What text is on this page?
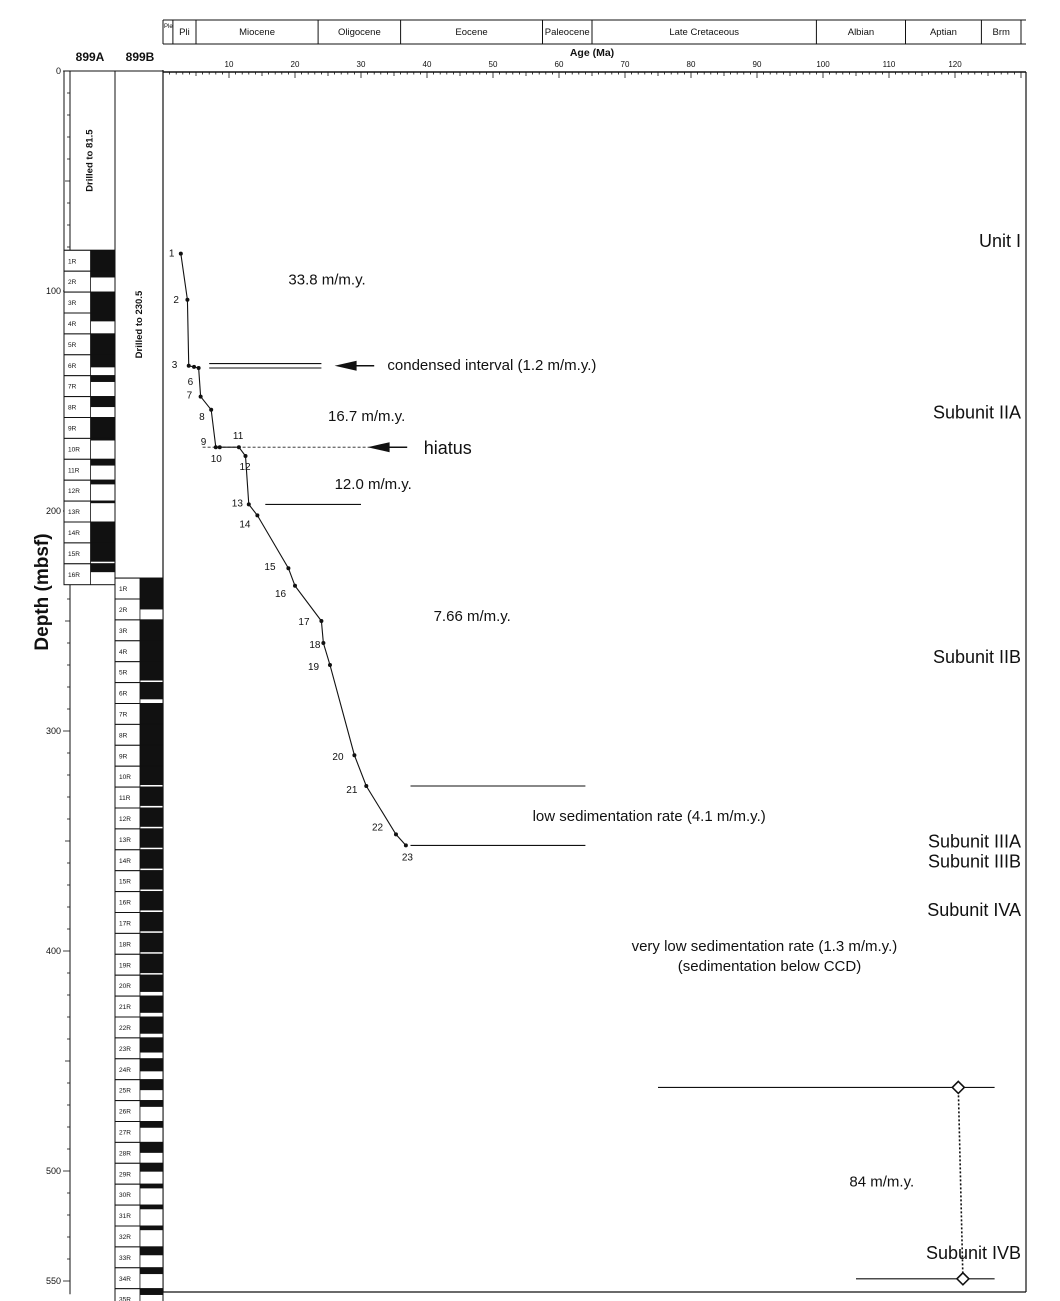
10	20	30	40	50	60	70	80	90	100	110	120
Age (Ma)
0
100
200
300
400
500
550
Depth (mbsf)
899A
Drilled to 81.5
1R
2R
3R
4R
5R
6R
7R
8R
9R
10R
11R
12R
13R
14R
15R
16R
899B
Drilled to 230.5
1R
2R
3R
4R
5R
6R
7R
8R
9R
10R
11R
12R
13R
14R
15R
16R
17R
18R
19R
20R
21R
22R
23R
24R
25R
26R
27R
28R
29R
30R
31R
32R
33R
34R
35R
Ple Pli	Miocene	Oligocene	Eocene	Paleocene	Late Cretaceous	Albian	Aptian	Brm
1
2
3
6
7
8
9
10
11
12
13
14
15
16
17
18
19
20
21
22
23
33.8 m/m.y.
condensed interval (1.2 m/m.y.)
16.7 m/m.y.
hiatus
12.0 m/m.y.
7.66 m/m.y.
low sedimentation rate (4.1 m/m.y.)
very low sedimentation rate (1.3 m/m.y.)
(sedimentation below CCD)
84 m/m.y.
Unit I
Subunit IIA
Subunit IIB
Subunit IIIA
Subunit IIIB
Subunit IVA
Subunit IVB
